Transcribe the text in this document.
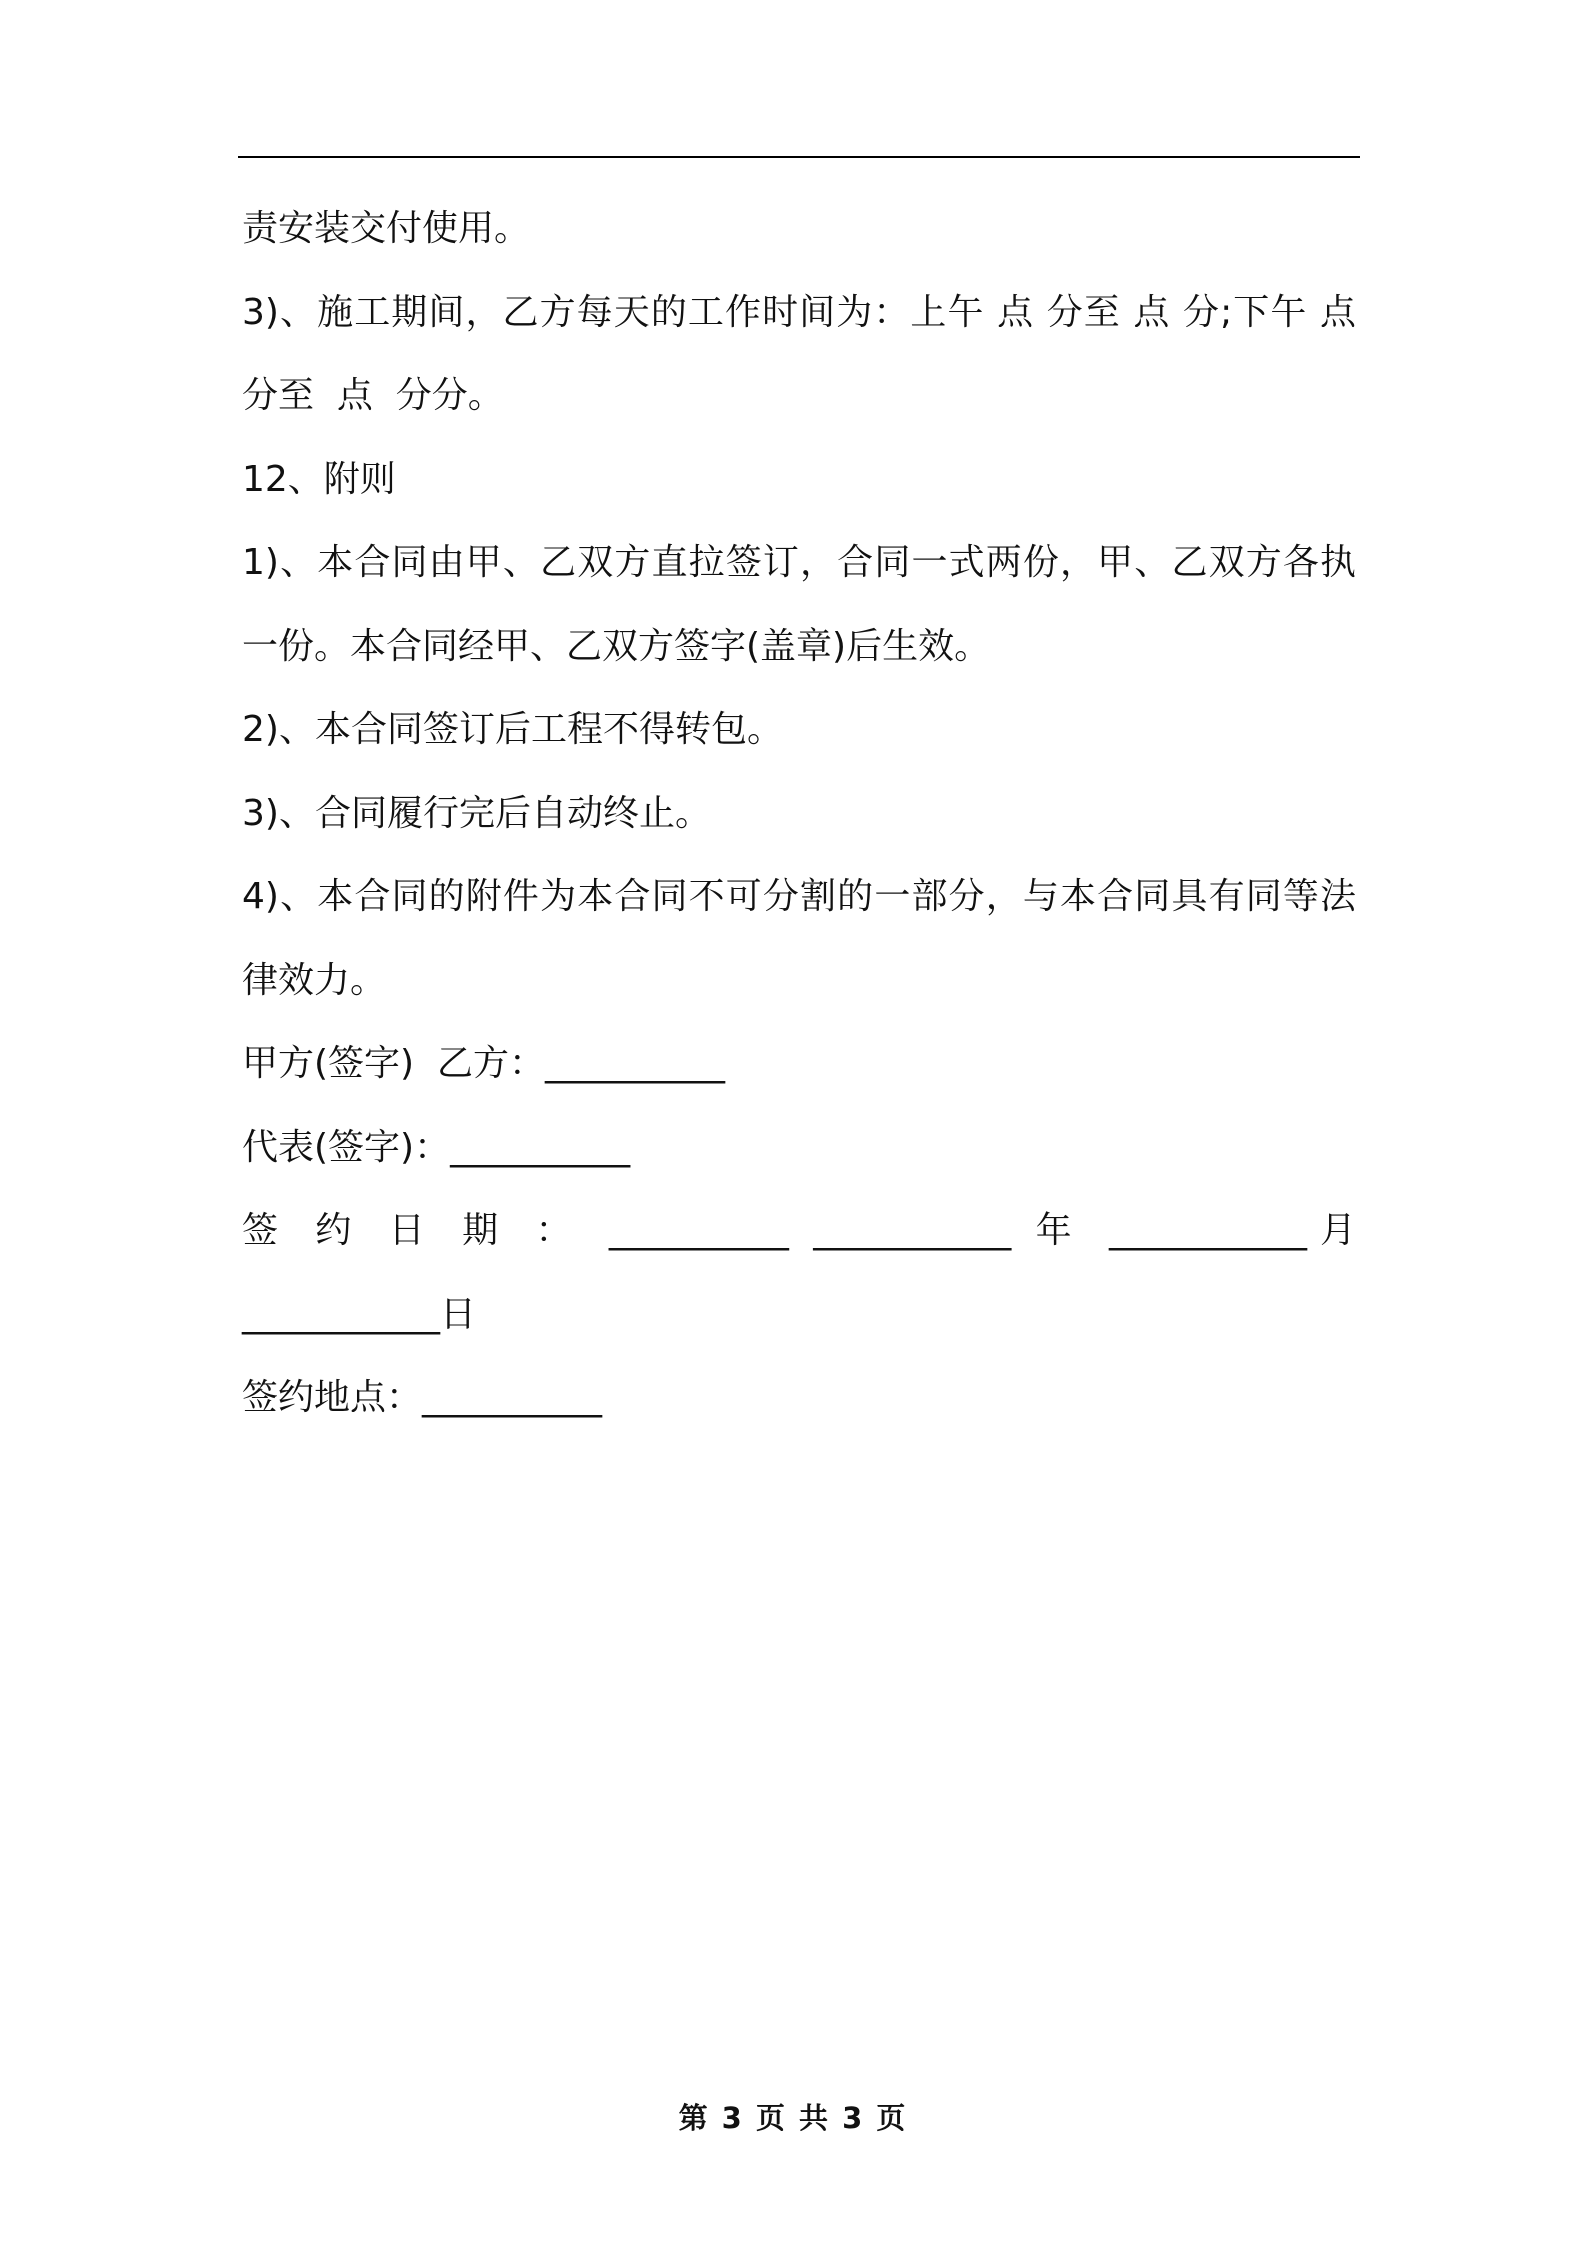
责安装交付使用。
3)、施工期间，乙方每天的工作时间为：上午 点 分至 点 分;下午 点
分至  点  分分。
12、附则
1)、本合同由甲、乙双方直拉签订，合同一式两份，甲、乙双方各执
一份。本合同经甲、乙双方签字(盖章)后生效。
2)、本合同签订后工程不得转包。
3)、合同履行完后自动终止。
4)、本合同的附件为本合同不可分割的一部分，与本合同具有同等法
律效力。
甲方(签字)  乙方：__________
代表(签字)：__________
签 约 日 期 ： __________ ___________ 年 ___________月
___________日
签约地点：__________
第 3 页 共 3 页
